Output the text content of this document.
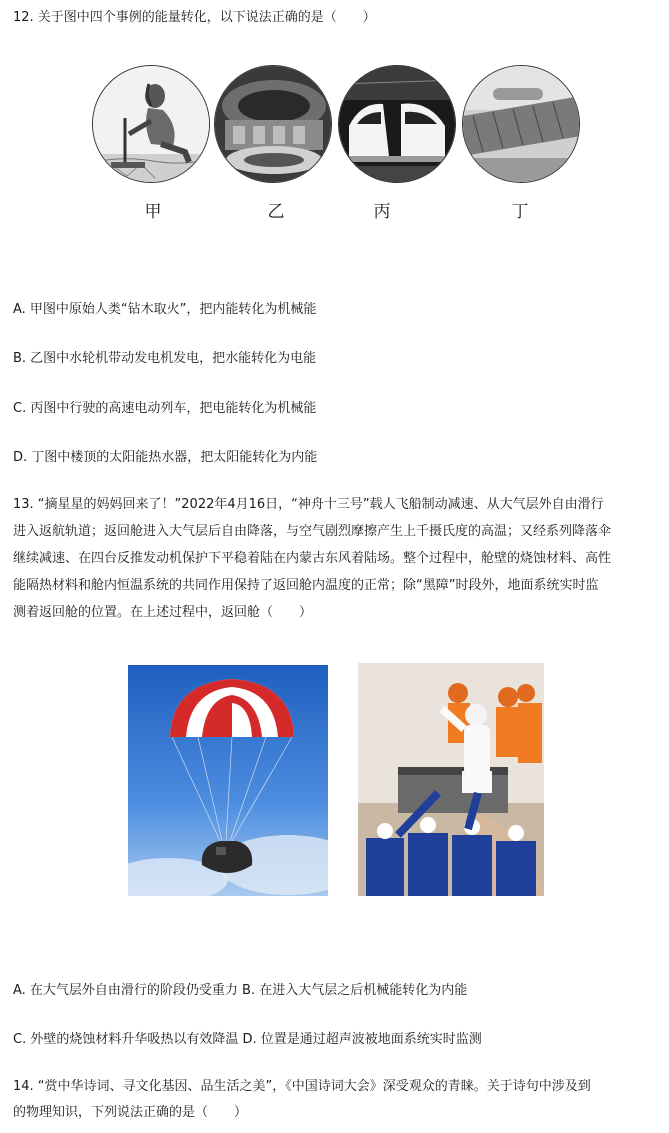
12. 关于图中四个事例的能量转化，以下说法正确的是（　　）
甲	乙	丙	丁
A. 甲图中原始人类“钻木取火”，把内能转化为机械能
B. 乙图中水轮机带动发电机发电，把水能转化为电能
C. 丙图中行驶的高速电动列车，把电能转化为机械能
D. 丁图中楼顶的太阳能热水器，把太阳能转化为内能
13. “摘星星的妈妈回来了！”2022年4月16日，“神舟十三号”载人飞船制动减速、从大气层外自由滑行
进入返航轨道；返回舱进入大气层后自由降落，与空气剧烈摩擦产生上千摄氏度的高温；又经系列降落伞
继续减速、在四台反推发动机保护下平稳着陆在内蒙古东风着陆场。整个过程中，舱壁的烧蚀材料、高性
能隔热材料和舱内恒温系统的共同作用保持了返回舱内温度的正常；除“黑障”时段外，地面系统实时监
测着返回舱的位置。在上述过程中，返回舱（　　）
A. 在大气层外自由滑行的阶段仍受重力 B. 在进入大气层之后机械能转化为内能
C. 外壁的烧蚀材料升华吸热以有效降温 D. 位置是通过超声波被地面系统实时监测
14. “赏中华诗词、寻文化基因、品生活之美”，《中国诗词大会》深受观众的青睐。关于诗句中涉及到
的物理知识，下列说法正确的是（　　）
